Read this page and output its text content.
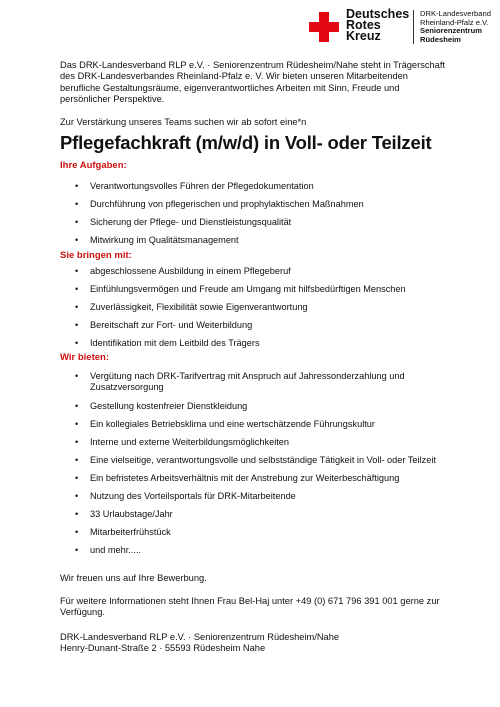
Deutsches
Rotes
Kreuz
DRK-Landesverband
Rheinland-Pfalz e.V.
Seniorenzentrum
Rüdesheim
Das DRK-Landesverband RLP e.V. · Seniorenzentrum Rüdesheim/Nahe steht in Trägerschaft des DRK-Landesverbandes Rheinland-Pfalz e. V. Wir bieten unseren Mitarbeitenden berufliche Gestaltungsräume, eigenverantwortliches Arbeiten mit Sinn, Freude und persönlicher Perspektive.
Zur Verstärkung unseres Teams suchen wir ab sofort eine*n
Pflegefachkraft (m/w/d) in Voll- oder Teilzeit
Ihre Aufgaben:
• Verantwortungsvolles Führen der Pflegedokumentation
• Durchführung von pflegerischen und prophylaktischen Maßnahmen
• Sicherung der Pflege- und Dienstleistungsqualität
• Mitwirkung im Qualitätsmanagement
Sie bringen mit:
• abgeschlossene Ausbildung in einem Pflegeberuf
• Einfühlungsvermögen und Freude am Umgang mit hilfsbedürftigen Menschen
• Zuverlässigkeit, Flexibilität sowie Eigenverantwortung
• Bereitschaft zur Fort- und Weiterbildung
• Identifikation mit dem Leitbild des Trägers
Wir bieten:
• Vergütung nach DRK-Tarifvertrag mit Anspruch auf Jahressonderzahlung und Zusatzversorgung
• Gestellung kostenfreier Dienstkleidung
• Ein kollegiales Betriebsklima und eine wertschätzende Führungskultur
• Interne und externe Weiterbildungsmöglichkeiten
• Eine vielseitige, verantwortungsvolle und selbstständige Tätigkeit in Voll- oder Teilzeit
• Ein befristetes Arbeitsverhältnis mit der Anstrebung zur Weiterbeschäftigung
• Nutzung des Vorteilsportals für DRK-Mitarbeitende
• 33 Urlaubstage/Jahr
• Mitarbeiterfrühstück
• und mehr.....
Wir freuen uns auf Ihre Bewerbung.
Für weitere Informationen steht Ihnen Frau Bel-Haj unter +49 (0) 671 796 391 001 gerne zur Verfügung.
DRK-Landesverband RLP e.V. · Seniorenzentrum Rüdesheim/Nahe
Henry-Dunant-Straße 2 · 55593 Rüdesheim Nahe
